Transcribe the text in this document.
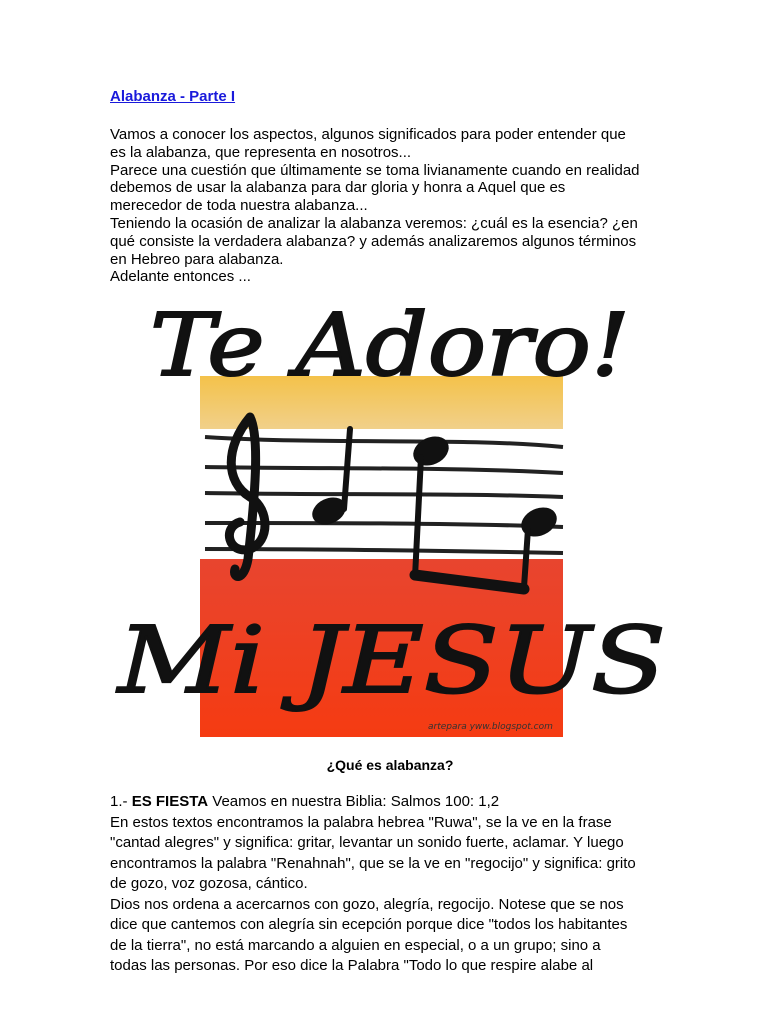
Alabanza - Parte I

Vamos a conocer los aspectos, algunos significados para poder entender que

es la alabanza, que representa en nosotros...

Parece una cuestión que últimamente se toma livianamente cuando en realidad

debemos de usar la alabanza para dar gloria y honra a Aquel que es

merecedor de toda nuestra alabanza...

Teniendo la ocasión de analizar la alabanza veremos: ¿cuál es la esencia? ¿en

qué consiste la verdadera alabanza? y además analizaremos algunos términos

en Hebreo para alabanza.

Adelante entonces ...

Te Adoro!
Mi JESUS
artepara yww.blogspot.com
¿Qué es alabanza?

1.- ES FIESTA Veamos en nuestra Biblia: Salmos 100: 1,2

En estos textos encontramos la palabra hebrea "Ruwa", se la ve en la frase

"cantad alegres" y significa: gritar, levantar un sonido fuerte, aclamar. Y luego

encontramos la palabra "Renahnah", que se la ve en "regocijo" y significa: grito

de gozo, voz gozosa, cántico.

Dios nos ordena a acercarnos con gozo, alegría, regocijo. Notese que se nos

dice que cantemos con alegría sin ecepción porque dice "todos los habitantes

de la tierra", no está marcando a alguien en especial, o a un grupo; sino a

todas las personas. Por eso dice la Palabra "Todo lo que respire alabe al
